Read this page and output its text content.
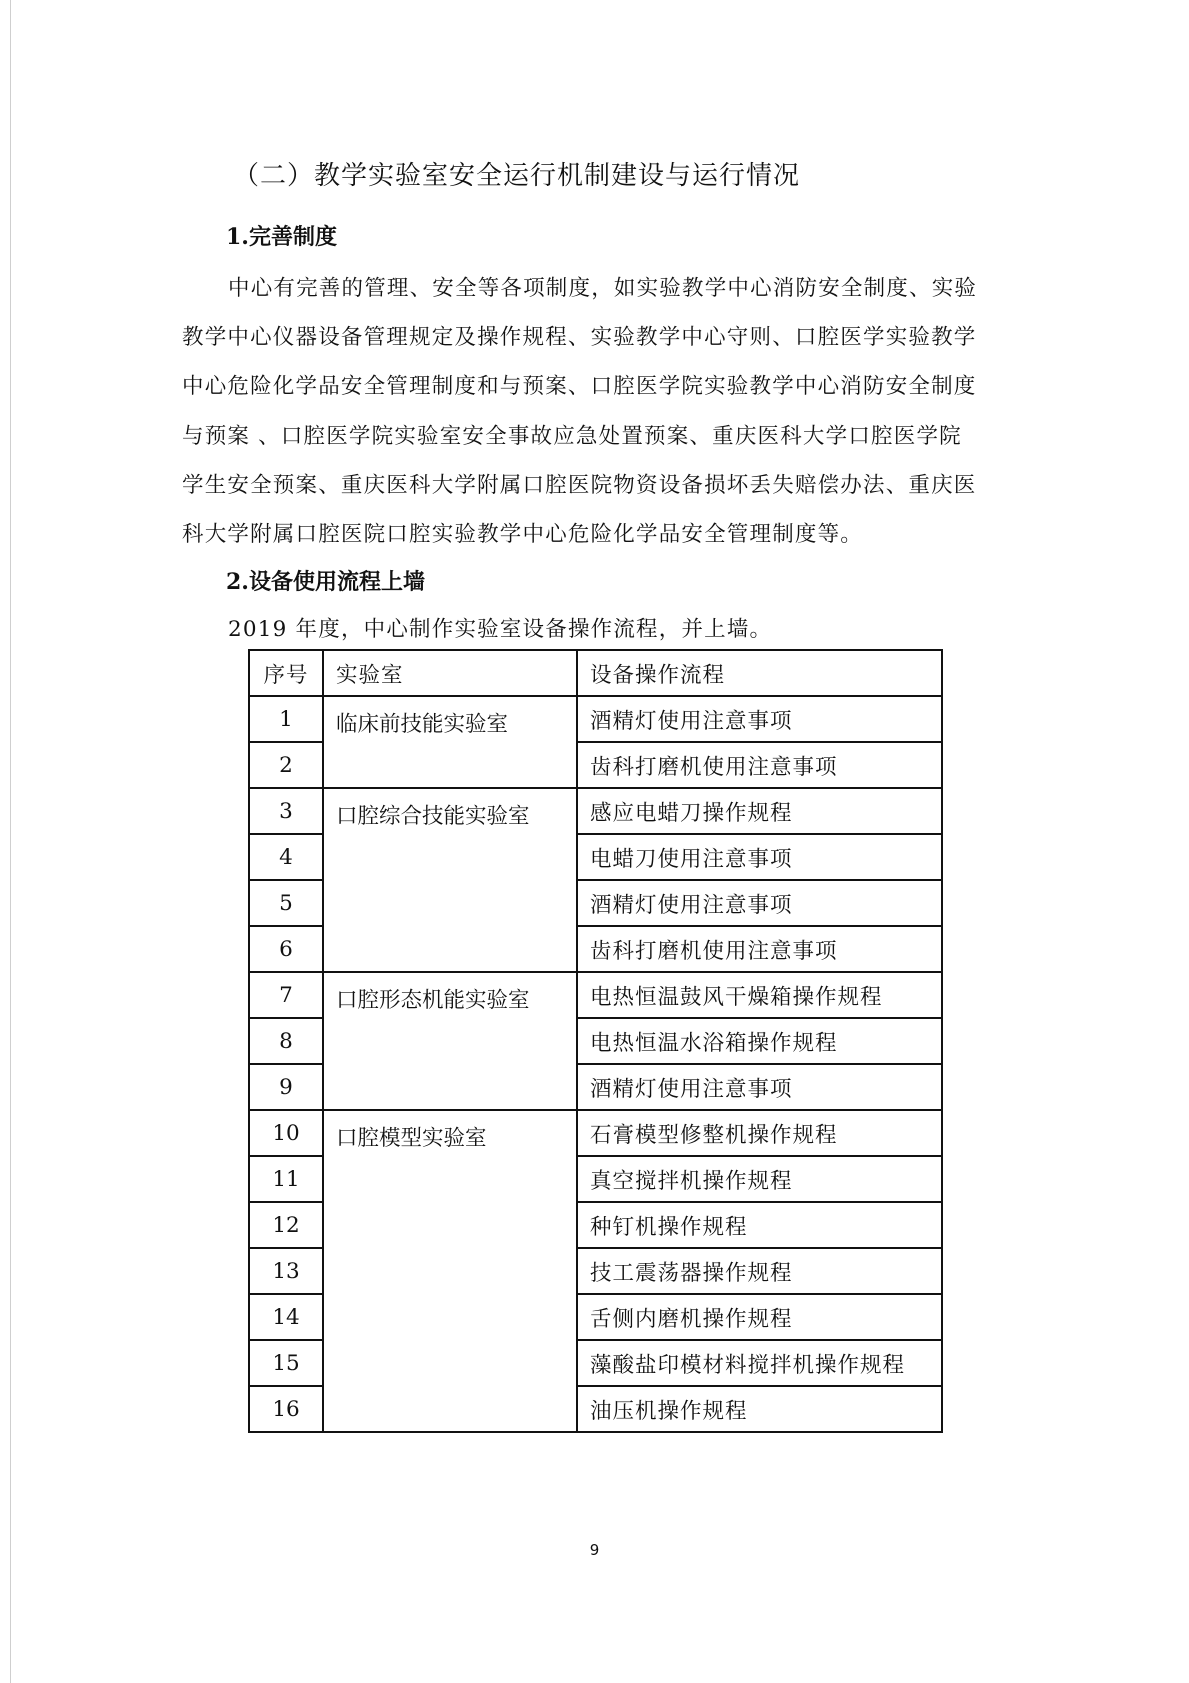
（二）教学实验室安全运行机制建设与运行情况
1.完善制度
中心有完善的管理、安全等各项制度，如实验教学中心消防安全制度、实验
教学中心仪器设备管理规定及操作规程、实验教学中心守则、口腔医学实验教学
中心危险化学品安全管理制度和与预案、口腔医学院实验教学中心消防安全制度
与预案 、口腔医学院实验室安全事故应急处置预案、重庆医科大学口腔医学院
学生安全预案、重庆医科大学附属口腔医院物资设备损坏丢失赔偿办法、重庆医
科大学附属口腔医院口腔实验教学中心危险化学品安全管理制度等。
2.设备使用流程上墙
2019 年度，中心制作实验室设备操作流程，并上墙。
序号	实验室	设备操作流程
1	临床前技能实验室	酒精灯使用注意事项
2		齿科打磨机使用注意事项
3	口腔综合技能实验室	感应电蜡刀操作规程
4		电蜡刀使用注意事项
5		酒精灯使用注意事项
6		齿科打磨机使用注意事项
7	口腔形态机能实验室	电热恒温鼓风干燥箱操作规程
8		电热恒温水浴箱操作规程
9		酒精灯使用注意事项
10	口腔模型实验室	石膏模型修整机操作规程
11		真空搅拌机操作规程
12		种钉机操作规程
13		技工震荡器操作规程
14		舌侧内磨机操作规程
15		藻酸盐印模材料搅拌机操作规程
16		油压机操作规程
9
